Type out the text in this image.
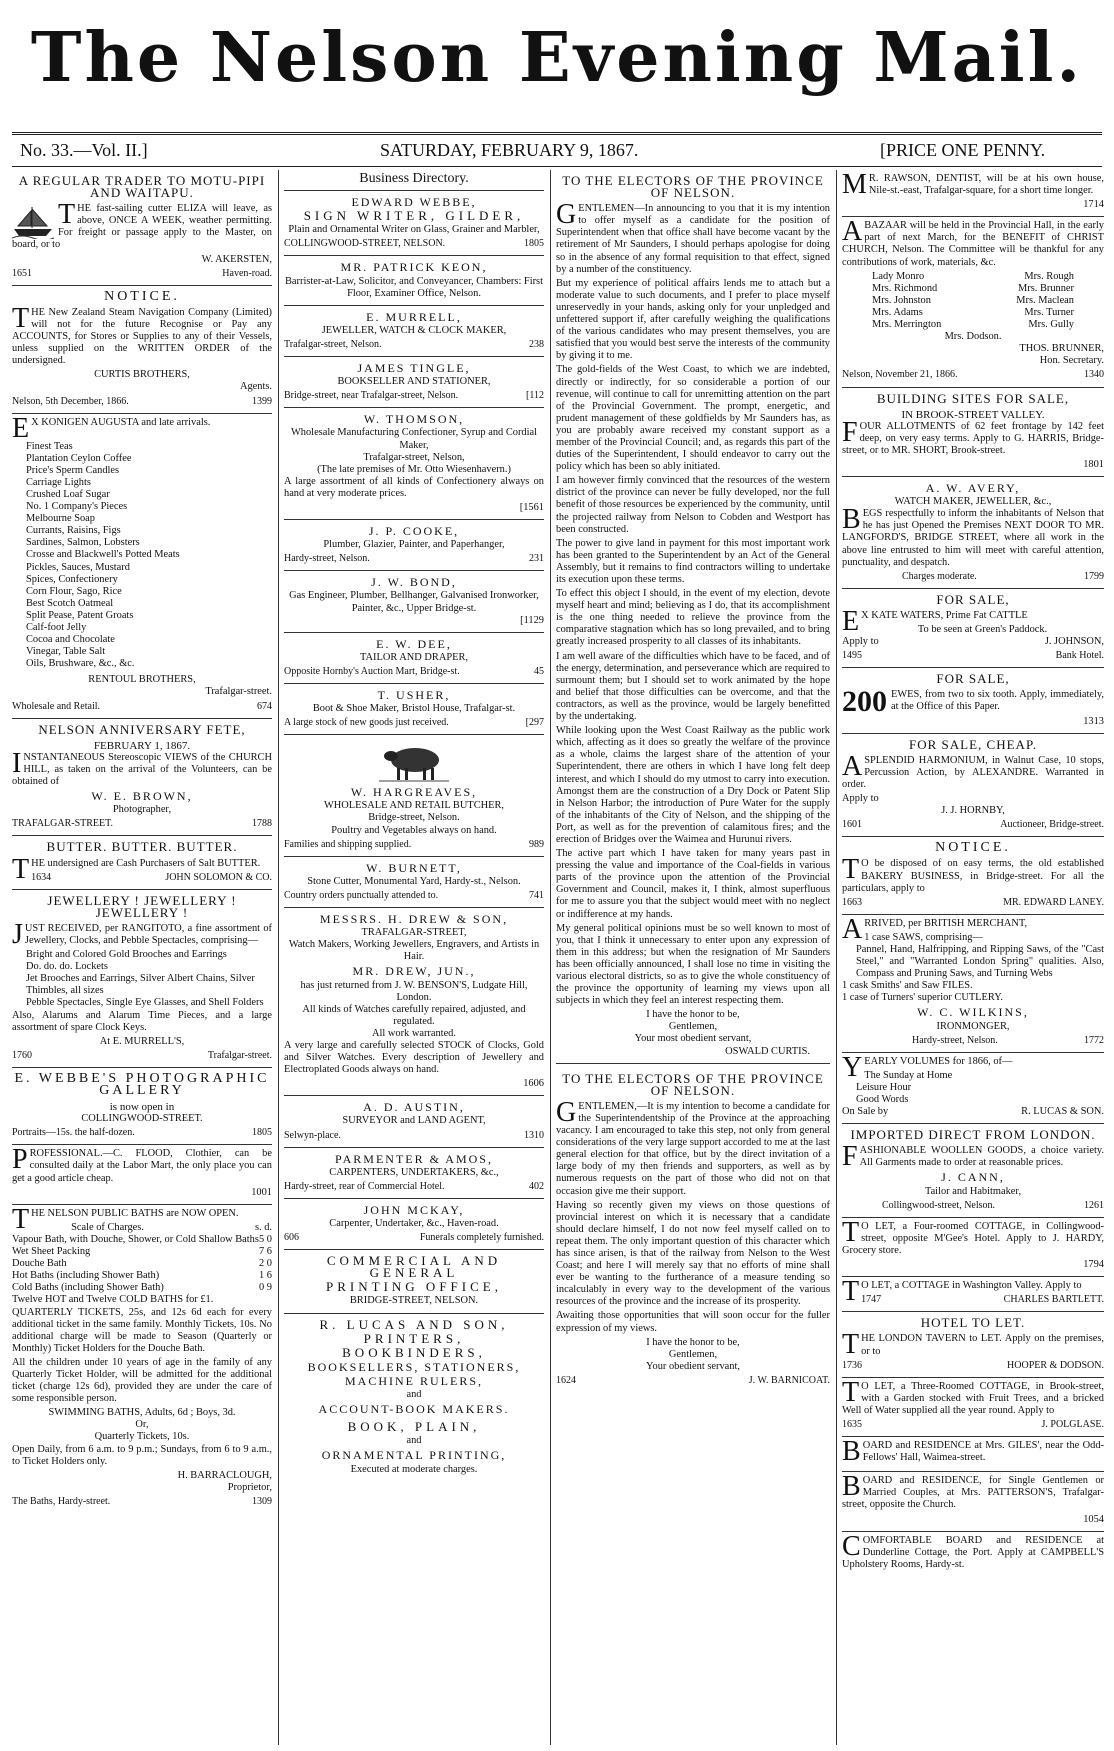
The Nelson Evening Mail.
No. 33.—Vol. II.]	SATURDAY, FEBRUARY 9, 1867.	[PRICE ONE PENNY.
A REGULAR TRADER TO MOTU-PIPI AND WAITAPU.

THE fast-sailing cutter ELIZA will leave, as above, ONCE A WEEK, weather permitting. For freight or passage apply to the Master, on board, or to

W. AKERSTEN,
1651	Haven-road.
NOTICE.

THE New Zealand Steam Navigation Company (Limited) will not for the future Recognise or Pay any ACCOUNTS, for Stores or Supplies to any of their Vessels, unless supplied on the WRITTEN ORDER of the undersigned.

CURTIS BROTHERS,
Agents.
Nelson, 5th December, 1866.	1399

EX KONIGEN AUGUSTA and late arrivals.

Finest Teas
Plantation Ceylon Coffee
Price's Sperm Candles
Carriage Lights
Crushed Loaf Sugar
No. 1 Company's Pieces
Melbourne Soap
Currants, Raisins, Figs
Sardines, Salmon, Lobsters
Crosse and Blackwell's Potted Meats
Pickles, Sauces, Mustard
Spices, Confectionery
Corn Flour, Sago, Rice
Best Scotch Oatmeal
Split Pease, Patent Groats
Calf-foot Jelly
Cocoa and Chocolate
Vinegar, Table Salt
Oils, Brushware, &c., &c.
RENTOUL BROTHERS,
Trafalgar-street.
Wholesale and Retail.	674
NELSON ANNIVERSARY FETE,
FEBRUARY 1, 1867.

INSTANTANEOUS Stereoscopic VIEWS of the CHURCH HILL, as taken on the arrival of the Volunteers, can be obtained of

W. E. BROWN,
Photographer,
TRAFALGAR-STREET.	1788
BUTTER. BUTTER. BUTTER.

THE undersigned are Cash Purchasers of Salt BUTTER.

1634	JOHN SOLOMON & CO.
JEWELLERY ! JEWELLERY ! JEWELLERY !

JUST RECEIVED, per RANGITOTO, a fine assortment of Jewellery, Clocks, and Pebble Spectacles, comprising—

Bright and Colored Gold Brooches and Earrings
Do. do. do. Lockets
Jet Brooches and Earrings, Silver Albert Chains, Silver Thimbles, all sizes
Pebble Spectacles, Single Eye Glasses, and Shell Folders

Also, Alarums and Alarum Time Pieces, and a large assortment of spare Clock Keys.

At E. MURRELL'S,
1760	Trafalgar-street.
E. WEBBE'S PHOTOGRAPHIC GALLERY
is now open in
COLLINGWOOD-STREET.
Portraits—15s. the half-dozen.	1805

PROFESSIONAL.—C. FLOOD, Clothier, can be consulted daily at the Labor Mart, the only place you can get a good article cheap.

1001

THE NELSON PUBLIC BATHS are NOW OPEN.

Scale of Charges.	s. d.
Vapour Bath, with Douche, Shower, or Cold Shallow Baths 5 0
Wet Sheet Packing	7 6
Douche Bath	2 0
Hot Baths (including Shower Bath)	1 6
Cold Baths (including Shower Bath)	0 9
Twelve HOT and Twelve COLD BATHS for £1.

QUARTERLY TICKETS, 25s, and 12s 6d each for every additional ticket in the same family. Monthly Tickets, 10s. No additional charge will be made to Season (Quarterly or Monthly) Ticket Holders for the Douche Bath.

All the children under 10 years of age in the family of any Quarterly Ticket Holder, will be admitted for the additional ticket (charge 12s 6d), provided they are under the care of some responsible person.

SWIMMING BATHS, Adults, 6d ; Boys, 3d.
Or,
Quarterly Tickets, 10s.

Open Daily, from 6 a.m. to 9 p.m.; Sundays, from 6 to 9 a.m., to Ticket Holders only.

H. BARRACLOUGH,
Proprietor,
The Baths, Hardy-street.	1309
Business Directory.
EDWARD WEBBE,
SIGN WRITER, GILDER,
Plain and Ornamental Writer on Glass, Grainer and Marbler,
COLLINGWOOD-STREET, NELSON.	1805
MR. PATRICK KEON,
Barrister-at-Law, Solicitor, and Conveyancer, Chambers: First Floor, Examiner Office, Nelson.
E. MURRELL,
JEWELLER, WATCH & CLOCK MAKER,
Trafalgar-street, Nelson.	238
JAMES TINGLE,
BOOKSELLER AND STATIONER,
Bridge-street, near Trafalgar-street, Nelson.	[112
W. THOMSON,
Wholesale Manufacturing Confectioner, Syrup and Cordial Maker,
Trafalgar-street, Nelson,
(The late premises of Mr. Otto Wiesenhavern.)

A large assortment of all kinds of Confectionery always on hand at very moderate prices.

[1561
J. P. COOKE,
Plumber, Glazier, Painter, and Paperhanger,
Hardy-street, Nelson.	231
J. W. BOND,
Gas Engineer, Plumber, Bellhanger, Galvanised Ironworker, Painter, &c., Upper Bridge-st.
[1129
E. W. DEE,
TAILOR AND DRAPER,
Opposite Hornby's Auction Mart, Bridge-st.	45
T. USHER,
Boot & Shoe Maker, Bristol House, Trafalgar-st.
A large stock of new goods just received.	[297
W. HARGREAVES,
WHOLESALE AND RETAIL BUTCHER,
Bridge-street, Nelson.
Poultry and Vegetables always on hand.
Families and shipping supplied.	989
W. BURNETT,
Stone Cutter, Monumental Yard, Hardy-st., Nelson.
Country orders punctually attended to.	741
MESSRS. H. DREW & SON,
TRAFALGAR-STREET,
Watch Makers, Working Jewellers, Engravers, and Artists in Hair.
MR. DREW, JUN.,
has just returned from J. W. BENSON'S, Ludgate Hill, London.
All kinds of Watches carefully repaired, adjusted, and regulated.
All work warranted.

A very large and carefully selected STOCK of Clocks, Gold and Silver Watches. Every description of Jewellery and Electroplated Goods always on hand.

1606
A. D. AUSTIN,
SURVEYOR and LAND AGENT,
Selwyn-place.	1310
PARMENTER & AMOS,
CARPENTERS, UNDERTAKERS, &c.,
Hardy-street, rear of Commercial Hotel.	402
JOHN MCKAY,
Carpenter, Undertaker, &c., Haven-road.
606	Funerals completely furnished.
COMMERCIAL AND GENERAL
PRINTING OFFICE,
BRIDGE-STREET, NELSON.
R. LUCAS AND SON,
PRINTERS,
BOOKBINDERS,
BOOKSELLERS, STATIONERS,
MACHINE RULERS,
and
ACCOUNT-BOOK MAKERS.
BOOK, PLAIN,
and
ORNAMENTAL PRINTING,
Executed at moderate charges.
TO THE ELECTORS OF THE PROVINCE OF NELSON.

GENTLEMEN—In announcing to you that it is my intention to offer myself as a candidate for the position of Superintendent when that office shall have become vacant by the retirement of Mr Saunders, I should perhaps apologise for doing so in the absence of any formal requisition to that effect, signed by a number of the constituency.

But my experience of political affairs lends me to attach but a moderate value to such documents, and I prefer to place myself unreservedly in your hands, asking only for your unpledged and unfettered support if, after carefully weighing the qualifications of the various candidates who may present themselves, you are satisfied that you would best serve the interests of the community by giving it to me.

The gold-fields of the West Coast, to which we are indebted, directly or indirectly, for so considerable a portion of our revenue, will continue to call for unremitting attention on the part of the Provincial Government. The prompt, energetic, and prudent management of these goldfields by Mr Saunders has, as you are probably aware received my constant support as a member of the Provincial Council; and, as regards this part of the duties of the Superintendent, I should endeavor to carry out the policy which has been so ably initiated.

I am however firmly convinced that the resources of the western district of the province can never be fully developed, nor the full benefit of those resources be experienced by the community, until the projected railway from Nelson to Cobden and Westport has been constructed.

The power to give land in payment for this most important work has been granted to the Superintendent by an Act of the General Assembly, but it remains to find contractors willing to undertake its execution upon these terms.

To effect this object I should, in the event of my election, devote myself heart and mind; believing as I do, that its accomplishment is the one thing needed to relieve the province from the comparative stagnation which has so long prevailed, and to bring greatly increased prosperity to all classes of its inhabitants.

I am well aware of the difficulties which have to be faced, and of the energy, determination, and perseverance which are required to surmount them; but I should set to work animated by the hope and belief that those difficulties can be overcome, and that the contractors, as well as the province, would be largely benefitted by the undertaking.

While looking upon the West Coast Railway as the public work which, affecting as it does so greatly the welfare of the province as a whole, claims the largest share of the attention of your Superintendent, there are others in which I have long felt deep interest, and which I should do my utmost to carry into execution. Amongst them are the construction of a Dry Dock or Patent Slip in Nelson Harbor; the introduction of Pure Water for the supply of the inhabitants of the City of Nelson, and the shipping of the Port, as well as for the prevention of calamitous fires; and the erection of Bridges over the Waimea and Hurunui rivers.

The active part which I have taken for many years past in pressing the value and importance of the Coal-fields in various parts of the province upon the attention of the Provincial Government and Council, makes it, I think, almost superfluous for me to assure you that the subject would meet with no neglect or indifference at my hands.

My general political opinions must be so well known to most of you, that I think it unnecessary to enter upon any expression of them in this address; but when the resignation of Mr Saunders has been officially announced, I shall lose no time in visiting the various electoral districts, so as to give the whole constituency of the province the opportunity of learning my views upon all subjects in which they feel an interest respecting them.

I have the honor to be,
Gentlemen,
Your most obedient servant,
OSWALD CURTIS.
TO THE ELECTORS OF THE PROVINCE OF NELSON.

GENTLEMEN,—It is my intention to become a candidate for the Superintendentship of the Province at the approaching vacancy. I am encouraged to take this step, not only from general considerations of the very large support accorded to me at the last general election for that office, but by the direct invitation of a large body of my then friends and supporters, as well as by numerous requests on the part of those who did not on that occasion give me their support.

Having so recently given my views on those questions of provincial interest on which it is necessary that a candidate should declare himself, I do not now feel myself called on to repeat them. The only important question of this character which has since arisen, is that of the railway from Nelson to the West Coast; and here I will merely say that no efforts of mine shall ever be wanting to the furtherance of a measure tending so incalculably in every way to the development of the various resources of the province and the increase of its prosperity.

Awaiting those opportunities that will soon occur for the fuller expression of my views.

I have the honor to be,
Gentlemen,
Your obedient servant,
1624	J. W. BARNICOAT.

MR. RAWSON, DENTIST, will be at his own house, Nile-st.-east, Trafalgar-square, for a short time longer.

1714

ABAZAAR will be held in the Provincial Hall, in the early part of next March, for the BENEFIT of CHRIST CHURCH, Nelson. The Committee will be thankful for any contributions of work, materials, &c.

Lady Monro	Mrs. Rough
Mrs. Richmond	Mrs. Brunner
Mrs. Johnston	Mrs. Maclean
Mrs. Adams	Mrs. Turner
Mrs. Merrington	Mrs. Gully
Mrs. Dodson.
THOS. BRUNNER,
Hon. Secretary.
Nelson, November 21, 1866.	1340
BUILDING SITES FOR SALE,
IN BROOK-STREET VALLEY.

FOUR ALLOTMENTS of 62 feet frontage by 142 feet deep, on very easy terms. Apply to G. HARRIS, Bridge-street, or to MR. SHORT, Brook-street.

1801
A. W. AVERY,
WATCH MAKER, JEWELLER, &c.,

BEGS respectfully to inform the inhabitants of Nelson that he has just Opened the Premises NEXT DOOR TO MR. LANGFORD'S, BRIDGE STREET, where all work in the above line entrusted to him will meet with careful attention, punctuality, and despatch.

Charges moderate.	1799
FOR SALE,

EX KATE WATERS, Prime Fat CATTLE

To be seen at Green's Paddock.
Apply to	J. JOHNSON,
1495	Bank Hotel.
FOR SALE,
200 EWES, from two to six tooth. Apply, immediately, at the Office of this Paper.

1313
FOR SALE, CHEAP.

ASPLENDID HARMONIUM, in Walnut Case, 10 stops, Percussion Action, by ALEXANDRE. Warranted in order.

Apply to
J. J. HORNBY,
1601	Auctioneer, Bridge-street.
NOTICE.

TO be disposed of on easy terms, the old established BAKERY BUSINESS, in Bridge-street. For all the particulars, apply to

1663	MR. EDWARD LANEY.

ARRIVED, per BRITISH MERCHANT,

1 case SAWS, comprising—

Pannel, Hand, Halfripping, and Ripping Saws, of the "Cast Steel," and "Warranted London Spring" qualities. Also, Compass and Pruning Saws, and Turning Webs

1 cask Smiths' and Saw FILES.
1 case of Turners' superior CUTLERY.
W. C. WILKINS,
IRONMONGER,
Hardy-street, Nelson.	1772

YEARLY VOLUMES for 1866, of—

The Sunday at Home
Leisure Hour
Good Words
On Sale by	R. LUCAS & SON.
IMPORTED DIRECT FROM LONDON.

FASHIONABLE WOOLLEN GOODS, a choice variety. All Garments made to order at reasonable prices.

J. CANN,
Tailor and Habitmaker,
Collingwood-street, Nelson.	1261

TO LET, a Four-roomed COTTAGE, in Collingwood-street, opposite M'Gee's Hotel. Apply to J. HARDY, Grocery store.

1794

TO LET, a COTTAGE in Washington Valley. Apply to

1747	CHARLES BARTLETT.
HOTEL TO LET.

THE LONDON TAVERN to LET. Apply on the premises, or to

1736	HOOPER & DODSON.

TO LET, a Three-Roomed COTTAGE, in Brook-street, with a Garden stocked with Fruit Trees, and a bricked Well of Water supplied all the year round. Apply to

1635	J. POLGLASE.

BOARD and RESIDENCE at Mrs. GILES', near the Odd-Fellows' Hall, Waimea-street.

BOARD and RESIDENCE, for Single Gentlemen or Married Couples, at Mrs. PATTERSON'S, Trafalgar-street, opposite the Church.

1054

COMFORTABLE BOARD and RESIDENCE at Dunderline Cottage, the Port. Apply at CAMPBELL'S Upholstery Rooms, Hardy-st.
